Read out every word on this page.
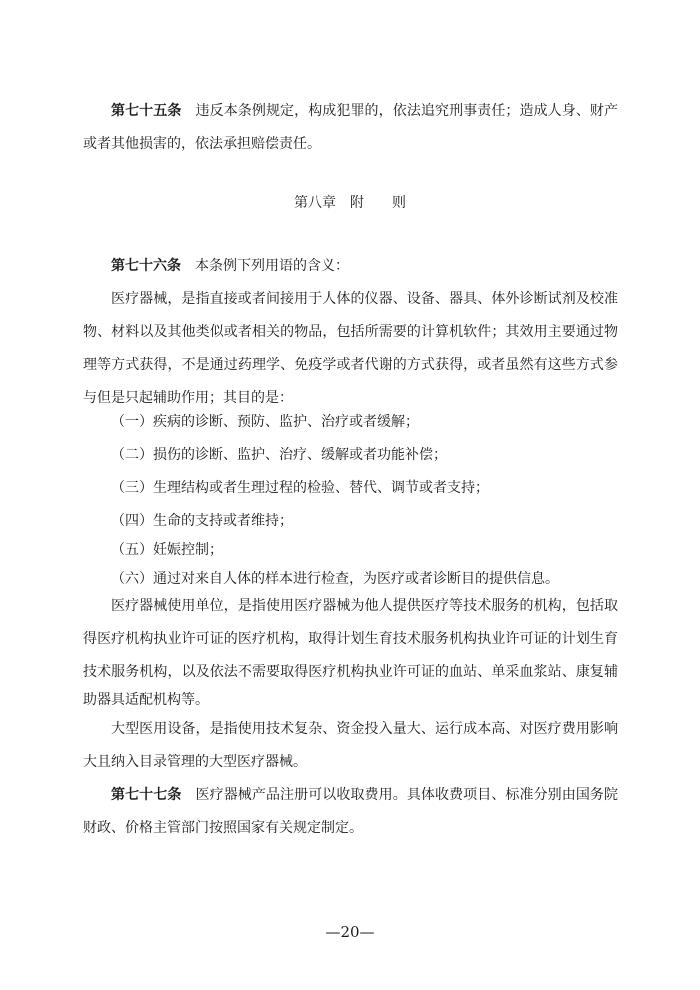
第七十五条　 违反本条例规定，构成犯罪的，依法追究刑事责任；造成人身、财产
或者其他损害的，依法承担赔偿责任。
第八章　附　　则
第七十六条　 本条例下列用语的含义：
医疗器械，是指直接或者间接用于人体的仪器、设备、器具、体外诊断试剂及校准
物、材料以及其他类似或者相关的物品，包括所需要的计算机软件；其效用主要通过物
理等方式获得，不是通过药理学、免疫学或者代谢的方式获得，或者虽然有这些方式参
与但是只起辅助作用；其目的是：
（一）疾病的诊断、预防、监护、治疗或者缓解；
（二）损伤的诊断、监护、治疗、缓解或者功能补偿；
（三）生理结构或者生理过程的检验、替代、调节或者支持；
（四）生命的支持或者维持；
（五）妊娠控制；
（六）通过对来自人体的样本进行检查，为医疗或者诊断目的提供信息。
医疗器械使用单位，是指使用医疗器械为他人提供医疗等技术服务的机构，包括取
得医疗机构执业许可证的医疗机构，取得计划生育技术服务机构执业许可证的计划生育
技术服务机构，以及依法不需要取得医疗机构执业许可证的血站、单采血浆站、康复辅
助器具适配机构等。
大型医用设备，是指使用技术复杂、资金投入量大、运行成本高、对医疗费用影响
大且纳入目录管理的大型医疗器械。
第七十七条　 医疗器械产品注册可以收取费用。具体收费项目、标准分别由国务院
财政、价格主管部门按照国家有关规定制定。
—20—
